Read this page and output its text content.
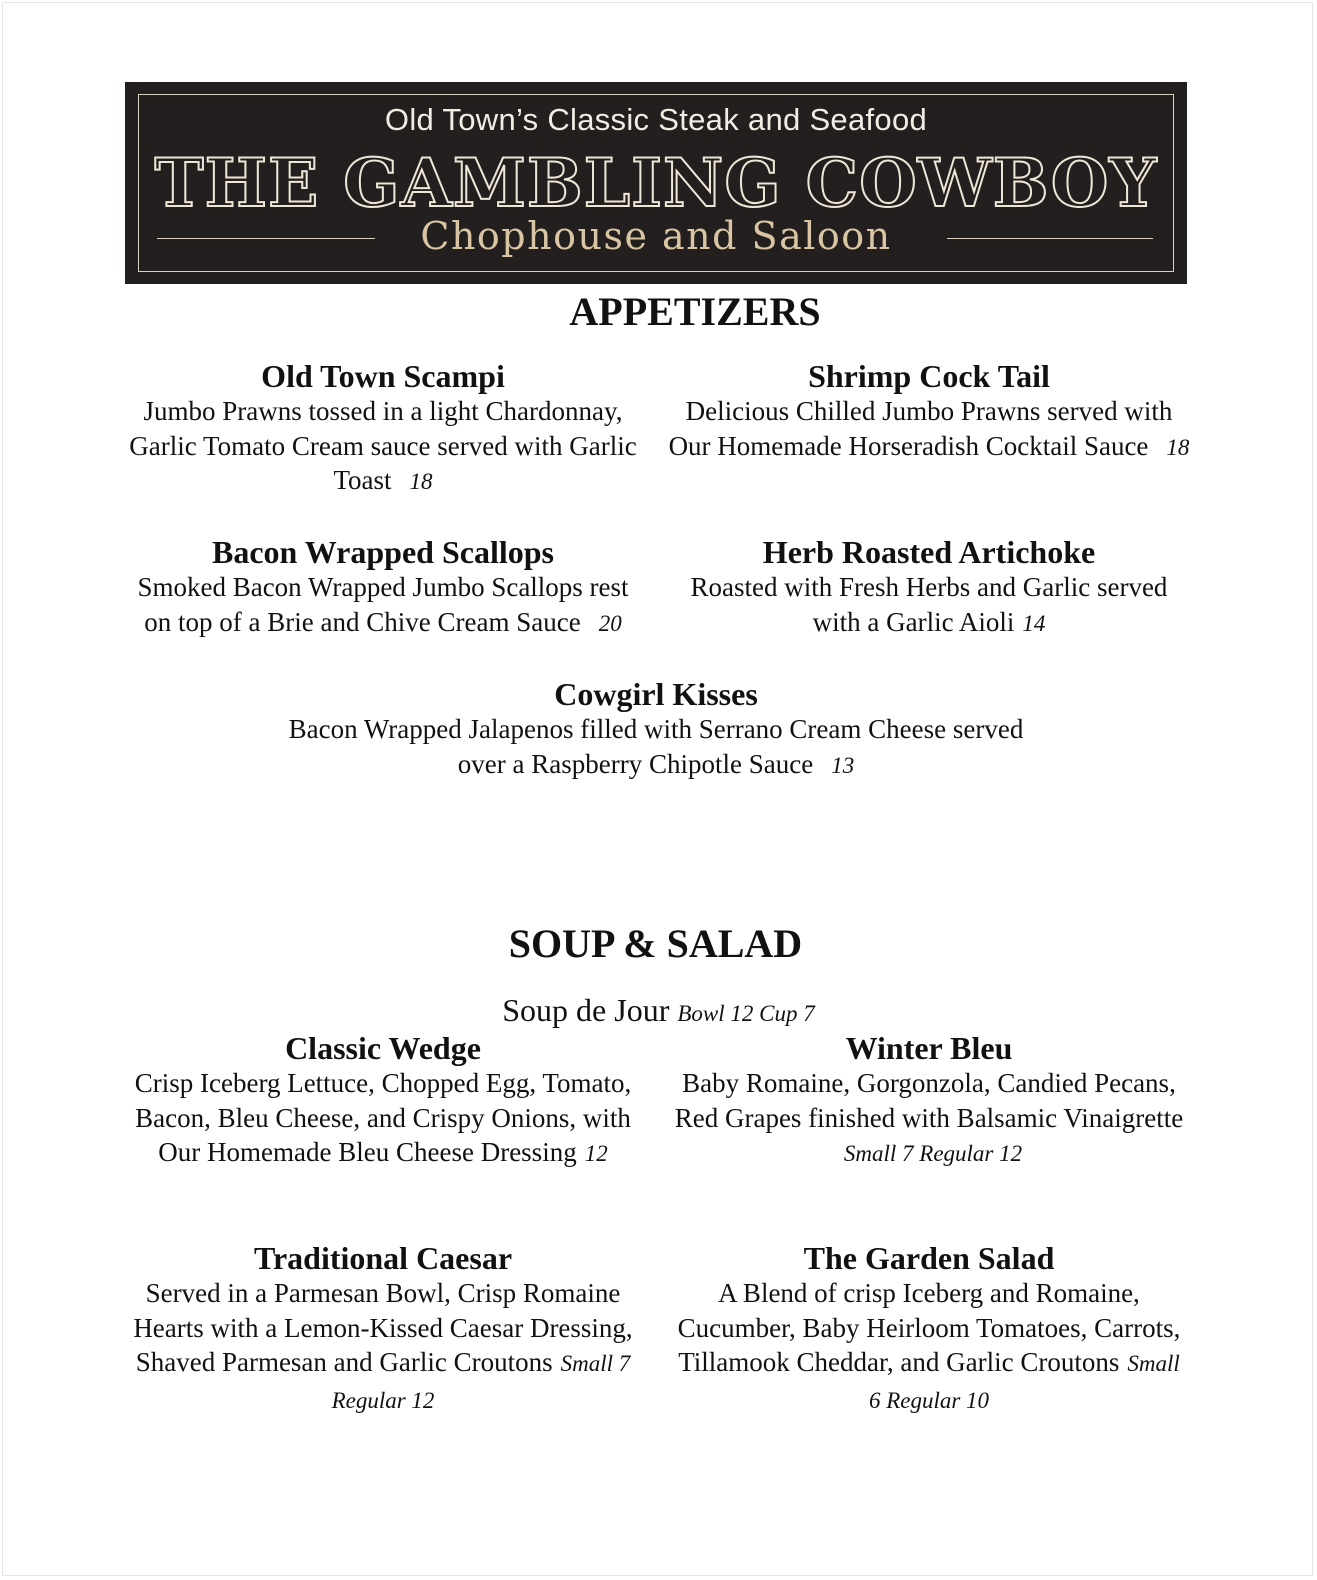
Old Town’s Classic Steak and Seafood
THE GAMBLING COWBOY
Chophouse and Saloon
APPETIZERS
Old Town Scampi
Jumbo Prawns tossed in a light Chardonnay, Garlic Tomato Cream sauce served with Garlic Toast 18
Shrimp Cock Tail
Delicious Chilled Jumbo Prawns served with Our Homemade Horseradish Cocktail Sauce 18
Bacon Wrapped Scallops
Smoked Bacon Wrapped Jumbo Scallops rest on top of a Brie and Chive Cream Sauce 20
Herb Roasted Artichoke
Roasted with Fresh Herbs and Garlic served with a Garlic Aioli 14
Cowgirl Kisses
Bacon Wrapped Jalapenos filled with Serrano Cream Cheese served over a Raspberry Chipotle Sauce 13
SOUP & SALAD
Soup de Jour Bowl 12 Cup 7
Classic Wedge
Crisp Iceberg Lettuce, Chopped Egg, Tomato, Bacon, Bleu Cheese, and Crispy Onions, with Our Homemade Bleu Cheese Dressing 12
Winter Bleu
Baby Romaine, Gorgonzola, Candied Pecans, Red Grapes finished with Balsamic VinaigretteSmall 7 Regular 12
Traditional Caesar
Served in a Parmesan Bowl, Crisp Romaine Hearts with a Lemon-Kissed Caesar Dressing, Shaved Parmesan and Garlic Croutons Small 7 Regular 12
The Garden Salad
A Blend of crisp Iceberg and Romaine, Cucumber, Baby Heirloom Tomatoes, Carrots, Tillamook Cheddar, and Garlic Croutons Small 6 Regular 10
